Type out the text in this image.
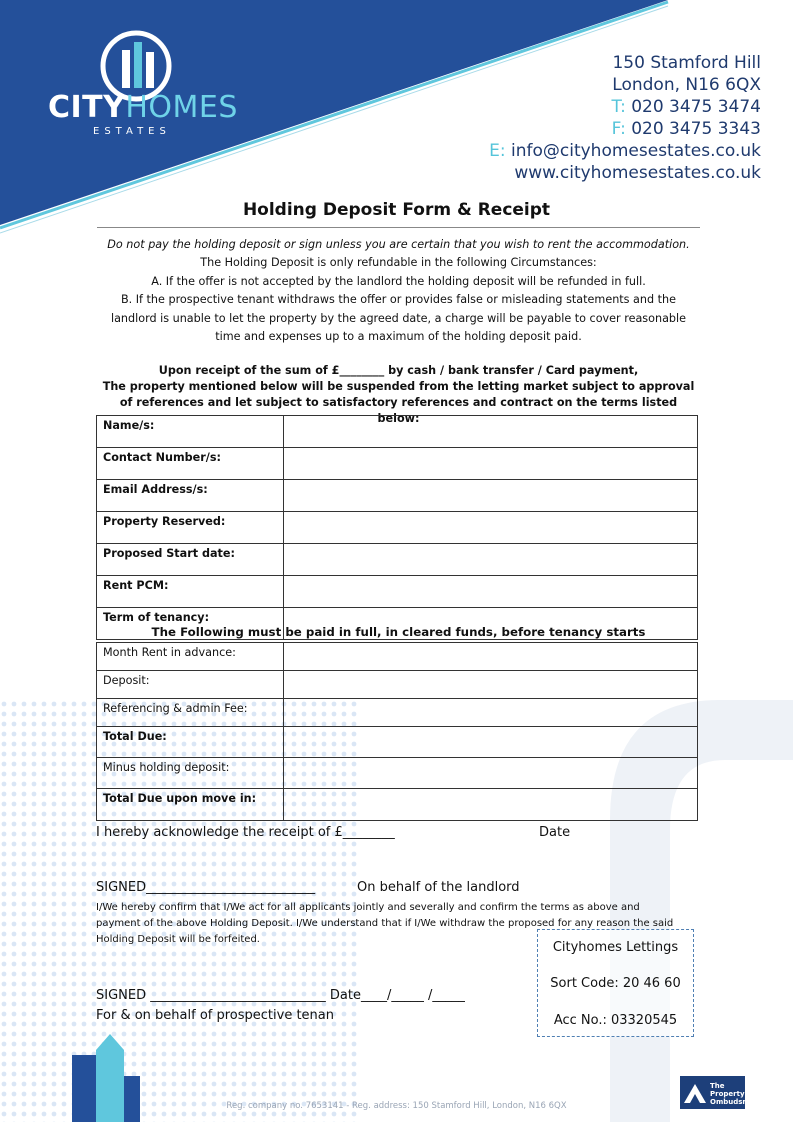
CITYHOMES
ESTATES
150 Stamford Hill
London, N16 6QX
T: 020 3475 3474
F: 020 3475 3343
E: info@cityhomesestates.co.uk
www.cityhomesestates.co.uk
Holding Deposit Form & Receipt
Do not pay the holding deposit or sign unless you are certain that you wish to rent the accommodation.
The Holding Deposit is only refundable in the following Circumstances:
A. If the offer is not accepted by the landlord the holding deposit will be refunded in full.
B. If the prospective tenant withdraws the offer or provides false or misleading statements and the landlord is unable to let the property by the agreed date, a charge will be payable to cover reasonable time and expenses up to a maximum of the holding deposit paid.
Upon receipt of the sum of £________ by cash / bank transfer / Card payment,
The property mentioned below will be suspended from the letting market subject to approval of references and let subject to satisfactory references and contract on the terms listed below:
Name/s:	
Contact Number/s:	
Email Address/s:	
Property Reserved:	
Proposed Start date:	
Rent PCM:	
Term of tenancy:	
The Following must be paid in full, in cleared funds, before tenancy starts
Month Rent in advance:	
Deposit:	
Referencing & admin Fee:	
Total Due:	
Minus holding deposit:	
Total Due upon move in:	
I hereby acknowledge the receipt of £________	Date
SIGNED__________________________	On behalf of the landlord
I/We hereby confirm that I/We act for all applicants jointly and severally and confirm the terms as above and payment of the above Holding Deposit. I/We understand that if I/We withdraw the proposed for any reason the said Holding Deposit will be forfeited.
SIGNED ___________________________ Date____/_____ /_____
For & on behalf of prospective tenan
Cityhomes Lettings
Sort Code: 20 46 60
Acc No.: 03320545
Reg. company no. 7653141 - Reg. address: 150 Stamford Hill, London, N16 6QX
The Property Ombudsman
